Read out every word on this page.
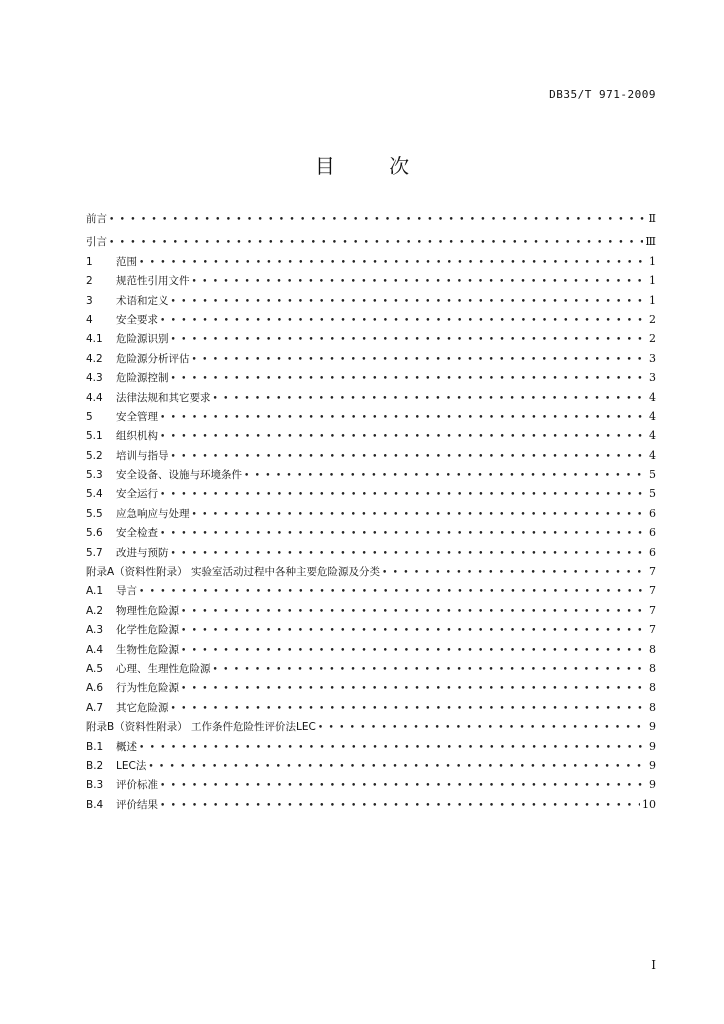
DB35/T 971-2009
目	次
前言 •••••	Ⅱ
引言 •••••	Ⅲ
1 范围 •••••	1
2 规范性引用文件 •••••	1
3 术语和定义 •••••	1
4 安全要求 •••••	2
4.1 危险源识别 •••••	2
4.2 危险源分析评估 •••••	3
4.3 危险源控制 •••••	3
4.4 法律法规和其它要求 •••••	4
5 安全管理 •••••	4
5.1 组织机构 •••••	4
5.2 培训与指导 •••••	4
5.3 安全设备、设施与环境条件 •••••	5
5.4 安全运行 •••••	5
5.5 应急响应与处理 •••••	6
5.6 安全检查 •••••	6
5.7 改进与预防 •••••	6
附录A（资料性附录） 实验室活动过程中各种主要危险源及分类 •••••	7
A.1 导言 •••••	7
A.2 物理性危险源 •••••	7
A.3 化学性危险源 •••••	7
A.4 生物性危险源 •••••	8
A.5 心理、生理性危险源 •••••	8
A.6 行为性危险源 •••••	8
A.7 其它危险源 •••••	8
附录B（资料性附录） 工作条件危险性评价法LEC •••••	9
B.1 概述 •••••	9
B.2 LEC法 •••••	9
B.3 评价标准 •••••	9
B.4 评价结果 •••••	10
I
